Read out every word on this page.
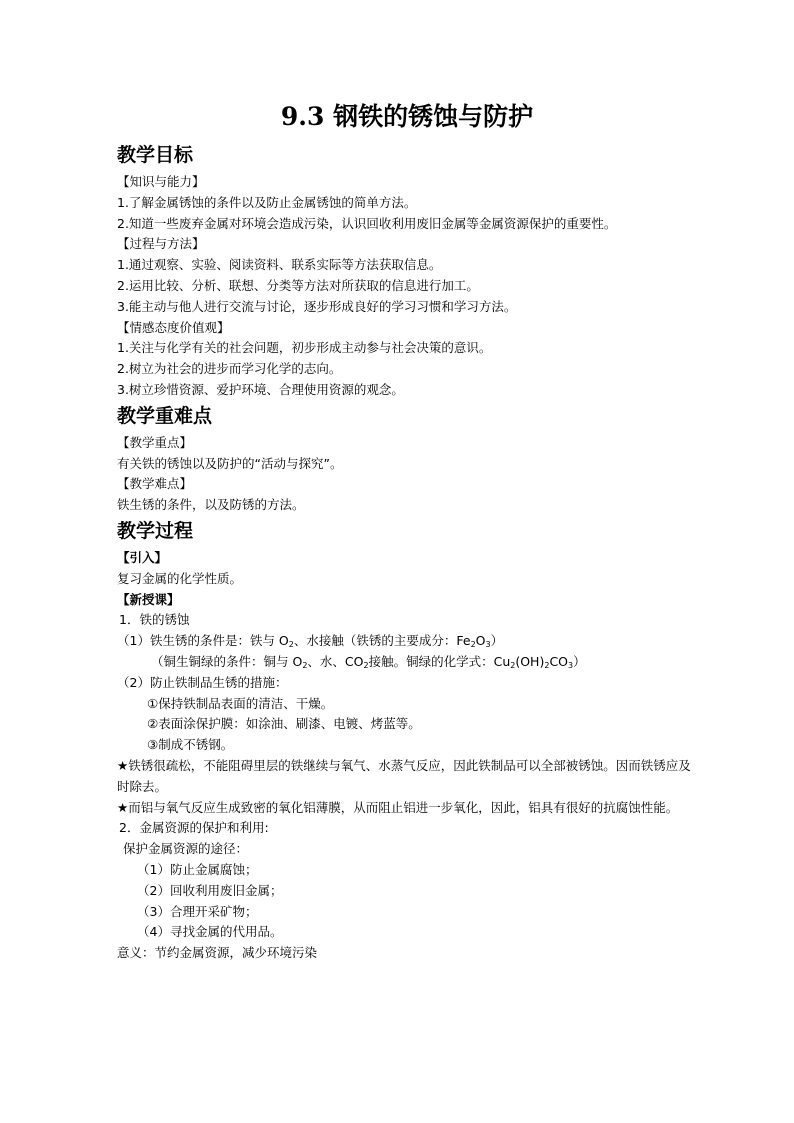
9.3 钢铁的锈蚀与防护
教学目标
【知识与能力】
1.了解金属锈蚀的条件以及防止金属锈蚀的简单方法。
2.知道一些废弃金属对环境会造成污染，认识回收利用废旧金属等金属资源保护的重要性。
【过程与方法】
1.通过观察、实验、阅读资料、联系实际等方法获取信息。
2.运用比较、分析、联想、分类等方法对所获取的信息进行加工。
3.能主动与他人进行交流与讨论，逐步形成良好的学习习惯和学习方法。
【情感态度价值观】
1.关注与化学有关的社会问题，初步形成主动参与社会决策的意识。
2.树立为社会的进步而学习化学的志向。
3.树立珍惜资源、爱护环境、合理使用资源的观念。
教学重难点
【教学重点】
有关铁的锈蚀以及防护的“活动与探究”。
【教学难点】
铁生锈的条件，以及防锈的方法。
教学过程
【引入】
复习金属的化学性质。
【新授课】
1．铁的锈蚀
（1）铁生锈的条件是：铁与 $O_2$、水接触（铁锈的主要成分：$Fe_2O_3$）
（铜生铜绿的条件：铜与 $O_2$、水、$CO_2$接触。铜绿的化学式：$Cu_2(OH)_2CO_3$）
（2）防止铁制品生锈的措施：
①保持铁制品表面的清洁、干燥。
②表面涂保护膜：如涂油、刷漆、电镀、烤蓝等。
③制成不锈钢。
★铁锈很疏松，不能阻碍里层的铁继续与氧气、水蒸气反应，因此铁制品可以全部被锈蚀。因而铁锈应及时除去。
★而铝与氧气反应生成致密的氧化铝薄膜，从而阻止铝进一步氧化，因此，铝具有很好的抗腐蚀性能。
2．金属资源的保护和利用:
保护金属资源的途径：
（1）防止金属腐蚀；
（2）回收利用废旧金属；
（3）合理开采矿物；
（4）寻找金属的代用品。
意义：节约金属资源，减少环境污染
